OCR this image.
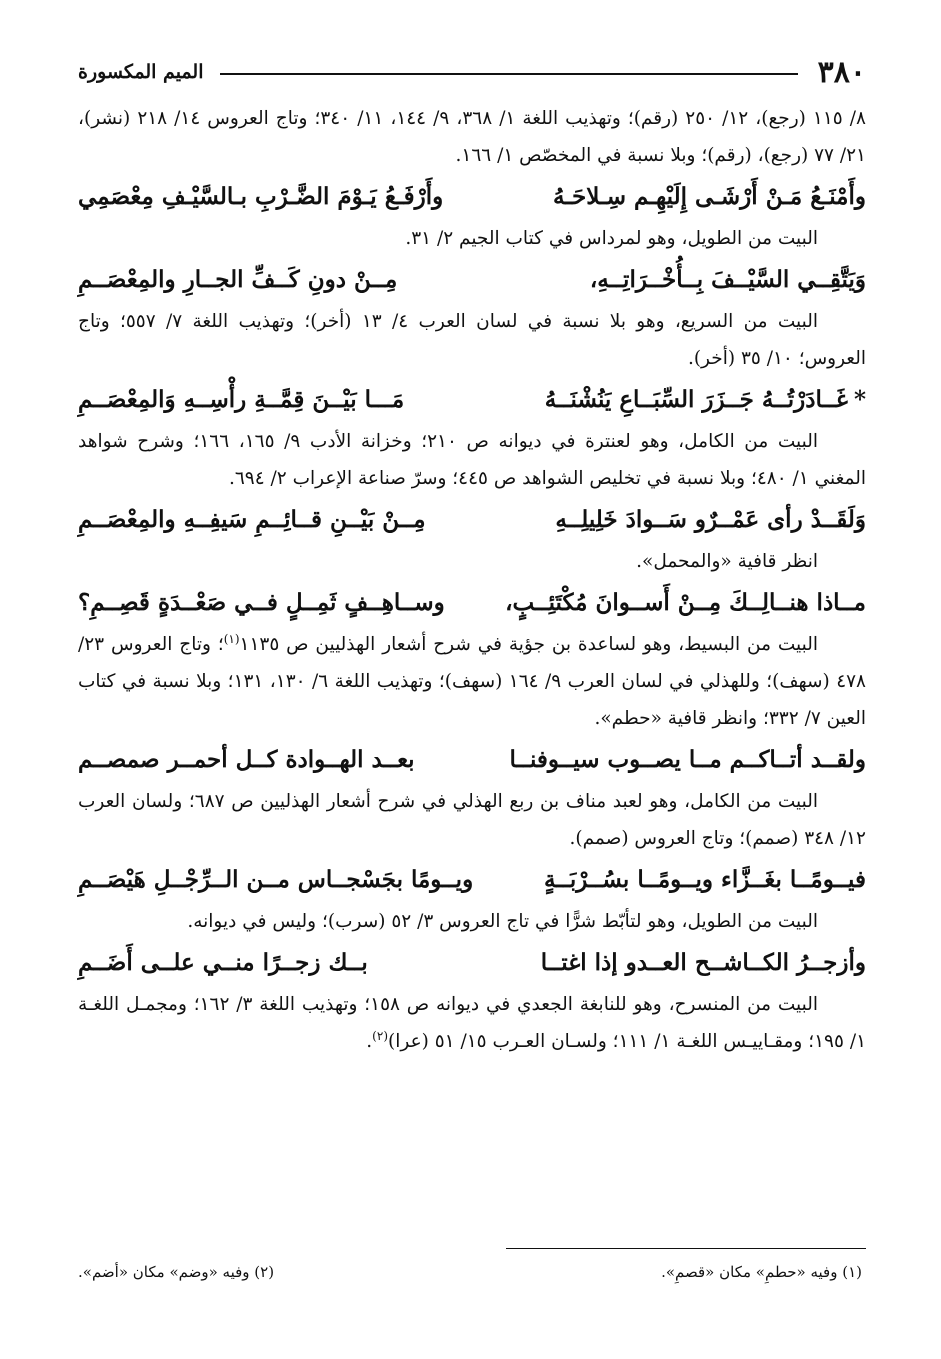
٣٨٠
الميم المكسورة

٨/ ١١٥ (رجع)، ١٢/ ٢٥٠ (رقم)؛ وتهذيب اللغة ١/ ٣٦٨، ٩/ ١٤٤، ١١/ ٣٤٠؛ وتاج العروس ١٤/ ٢١٨ (نشر)، ٢١/ ٧٧ (رجع)، (رقم)؛ وبلا نسبة في المخصّص ١/ ١٦٦.

وأَمْنَـعُ مَـنْ أَرْشَـى إِلَيْهِـم سِـلاحَـهُ
وأَرْفَـعُ يَـوْمَ الضَّـرْبِ بـالسَّيْـفِ مِعْصَمِي

البيت من الطويل، وهو لمرداس في كتاب الجيم ٢/ ٣١.

وَيَتَّقِــي السَّيْــفَ بِــأُخْــرَاتِــهِ،
مِــنْ دونِ كَــفِّ الجــارِ والمِعْصَــمِ

البيت من السريع، وهو بلا نسبة في لسان العرب ٤/ ١٣ (أخر)؛ وتهذيب اللغة ٧/ ٥٥٧؛ وتاج العروس؛ ١٠/ ٣٥ (أخر).

*غَــادَرْتُــهُ جَــزَرَ السِّبَــاعِ يَنُشْنَــهُ
مَـــا بَيْــنَ قِمَّــةِ رأْسِــهِ وَالمِعْصَــمِ

البيت من الكامل، وهو لعنترة في ديوانه ص ٢١٠؛ وخزانة الأدب ٩/ ١٦٥، ١٦٦؛ وشرح شواهد المغني ١/ ٤٨٠؛ وبلا نسبة في تخليص الشواهد ص ٤٤٥؛ وسرّ صناعة الإعراب ٢/ ٦٩٤.

وَلَقَــدْ رأى عَمْــرٌو سَــوادَ خَلِيلِــهِ
مِــنْ بَيْــنِ قــائِــمِ سَيفِــهِ والمِعْصَــمِ

انظر قافية «والمحمل».

مــاذا هنــالِــكَ مِــنْ أَســوانَ مُكْتَئِــبٍ،
وســاهِــفٍ ثَمِــلٍ فــي صَعْــدَةٍ قَصِــمِ؟

البيت من البسيط، وهو لساعدة بن جؤية في شرح أشعار الهذليين ص ١١٣٥$^{(١)}$؛ وتاج العروس ٢٣/ ٤٧٨ (سهف)؛ وللهذلي في لسان العرب ٩/ ١٦٤ (سهف)؛ وتهذيب اللغة ٦/ ١٣٠، ١٣١؛ وبلا نسبة في كتاب العين ٧/ ٣٣٢؛ وانظر قافية «حطم».

ولقــد أتــاكــم مــا يصــوب سيــوفنــا
بعــد الهــوادة كــل أحمــر صمصــم

البيت من الكامل، وهو لعبد مناف بن ربع الهذلي في شرح أشعار الهذليين ص ٦٨٧؛ ولسان العرب ١٢/ ٣٤٨ (صمم)؛ وتاج العروس (صمم).

فيــومًــا بغَــزَّاء ويــومًــا بسُــرْبَــةٍ
ويــومًا بجَسْجــاس مــن الــرِّجْــلِ هَيْصَــمِ

البيت من الطويل، وهو لتأبّط شرًّا في تاج العروس ٣/ ٥٢ (سرب)؛ وليس في ديوانه.

وأزجــرُ الكــاشــح العــدو إذا اغتــا
بــك زجــرًا منــي علــى أَضَــمِ

البيت من المنسرح، وهو للنابغة الجعدي في ديوانه ص ١٥٨؛ وتهذيب اللغة ٣/ ١٦٢؛ ومجمـل اللغـة ١/ ١٩٥؛ ومقـاييـس اللغـة ١/ ١١١؛ ولسـان العـرب ١٥/ ٥١ (عرا)$^{(٢)}$.

(١) وفيه «حطمِ» مكان «قصمِ».
(٢) وفيه «وضم» مكان «أضم».
